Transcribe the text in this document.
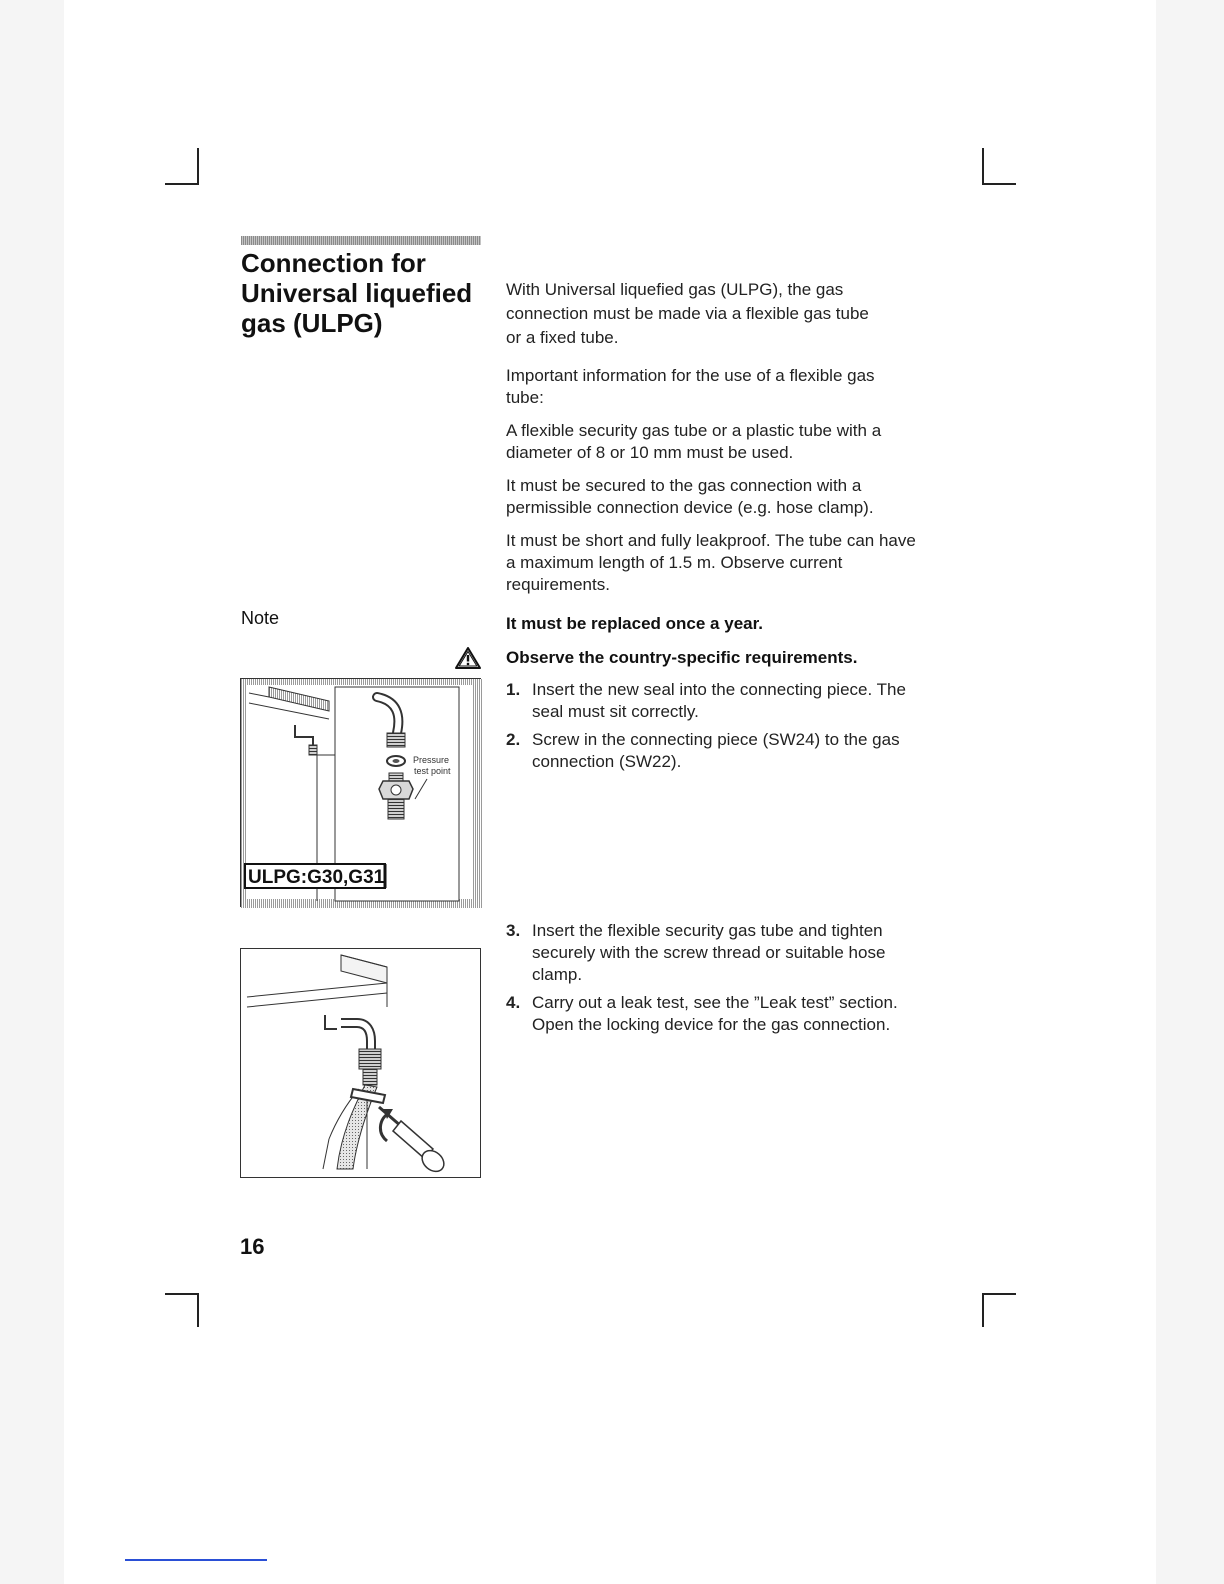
Connection for
Universal liquefied
gas (ULPG)
With Universal liquefied gas (ULPG), the gas
connection must be made via a flexible gas tube
or a fixed tube.
Important information for the use of a flexible gas
tube:
A flexible security gas tube or a plastic tube with a
diameter of 8 or 10 mm must be used.
It must be secured to the gas connection with a
permissible connection device (e.g. hose clamp).
It must be short and fully leakproof. The tube can have
a maximum length of 1.5 m. Observe current
requirements.
Note	It must be replaced once a year.
Observe the country-specific requirements.
1. Insert the new seal into the connecting piece. The
seal must sit correctly.
2. Screw in the connecting piece (SW24) to the gas
connection (SW22).
Pressure
test point
ULPG:G30,G31
3. Insert the flexible security gas tube and tighten
securely with the screw thread or suitable hose
clamp.
4. Carry out a leak test, see the ”Leak test” section.
Open the locking device for the gas connection.
16
